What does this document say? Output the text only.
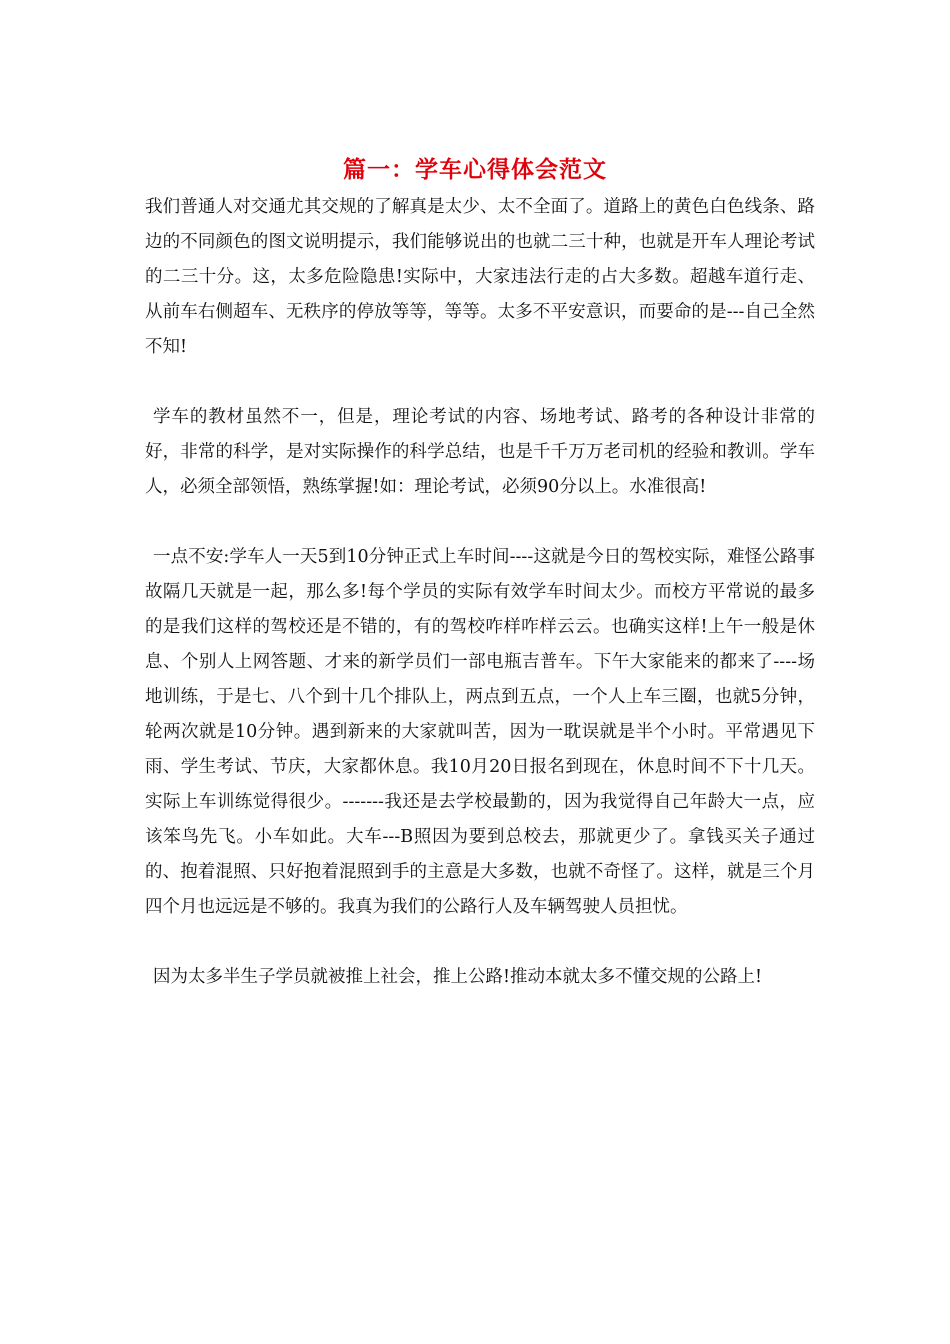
篇一：学车心得体会范文

我们普通人对交通尤其交规的了解真是太少、太不全面了。道路上的黄色白色线条、路边的不同颜色的图文说明提示，我们能够说出的也就二三十种，也就是开车人理论考试的二三十分。这，太多危险隐患!实际中，大家违法行走的占大多数。超越车道行走、从前车右侧超车、无秩序的停放等等，等等。太多不平安意识，而要命的是---自己全然不知!

学车的教材虽然不一，但是，理论考试的内容、场地考试、路考的各种设计非常的好，非常的科学，是对实际操作的科学总结，也是千千万万老司机的经验和教训。学车人，必须全部领悟，熟练掌握!如：理论考试，必须90分以上。水准很高!

一点不安:学车人一天5到10分钟正式上车时间----这就是今日的驾校实际，难怪公路事故隔几天就是一起，那么多!每个学员的实际有效学车时间太少。而校方平常说的最多的是我们这样的驾校还是不错的，有的驾校咋样咋样云云。也确实这样!上午一般是休息、个别人上网答题、才来的新学员们一部电瓶吉普车。下午大家能来的都来了----场地训练，于是七、八个到十几个排队上，两点到五点，一个人上车三圈，也就5分钟，轮两次就是10分钟。遇到新来的大家就叫苦，因为一耽误就是半个小时。平常遇见下雨、学生考试、节庆，大家都休息。我10月20日报名到现在，休息时间不下十几天。实际上车训练觉得很少。-------我还是去学校最勤的，因为我觉得自己年龄大一点，应该笨鸟先飞。小车如此。大车---B照因为要到总校去，那就更少了。拿钱买关子通过的、抱着混照、只好抱着混照到手的主意是大多数，也就不奇怪了。这样，就是三个月四个月也远远是不够的。我真为我们的公路行人及车辆驾驶人员担忧。

因为太多半生子学员就被推上社会，推上公路!推动本就太多不懂交规的公路上!
